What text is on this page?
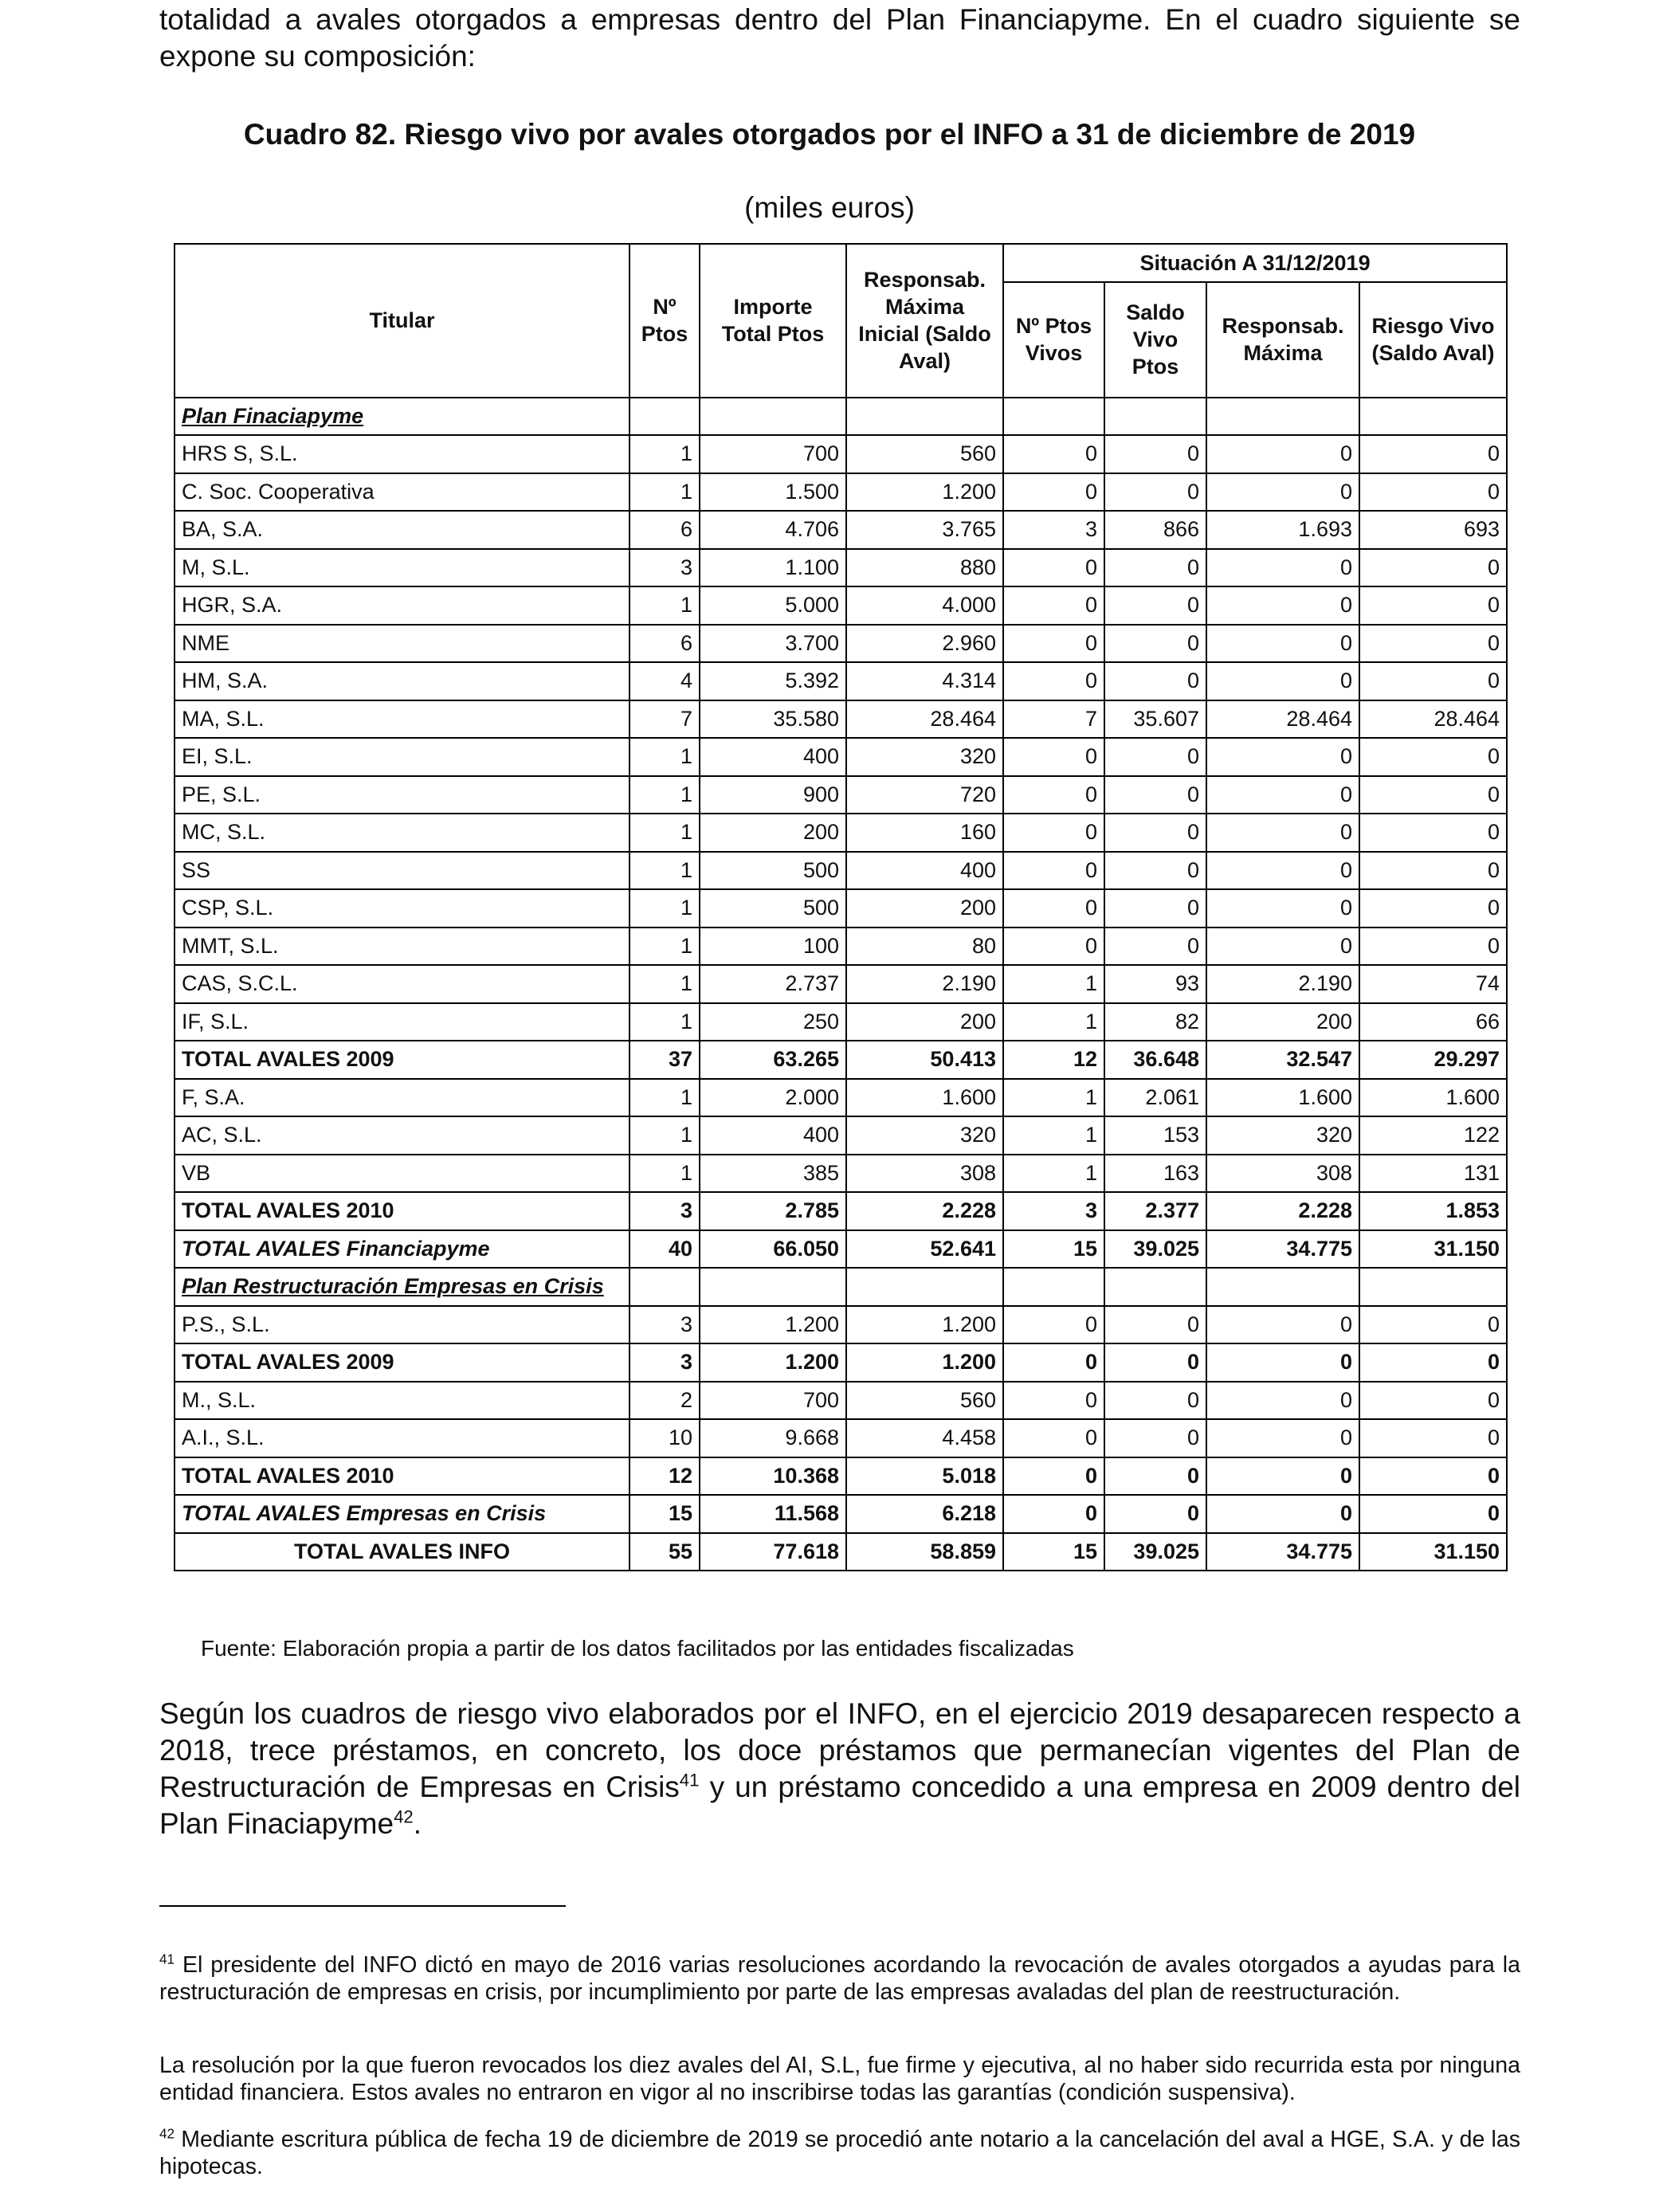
totalidad a avales otorgados a empresas dentro del Plan Financiapyme. En el cuadro siguiente se expone su composición:

Cuadro 82. Riesgo vivo por avales otorgados por el INFO a 31 de diciembre de 2019

(miles euros)

Titular	Nº Ptos	Importe Total Ptos	Responsab. Máxima Inicial (Saldo Aval)	Situación A 31/12/2019			
				Nº Ptos Vivos	Saldo Vivo Ptos	Responsab. Máxima	Riesgo Vivo (Saldo Aval)
Plan Finaciapyme							
HRS S, S.L.	1	700	560	0	0	0	0
C. Soc. Cooperativa	1	1.500	1.200	0	0	0	0
BA, S.A.	6	4.706	3.765	3	866	1.693	693
M, S.L.	3	1.100	880	0	0	0	0
HGR, S.A.	1	5.000	4.000	0	0	0	0
NME	6	3.700	2.960	0	0	0	0
HM, S.A.	4	5.392	4.314	0	0	0	0
MA, S.L.	7	35.580	28.464	7	35.607	28.464	28.464
EI, S.L.	1	400	320	0	0	0	0
PE, S.L.	1	900	720	0	0	0	0
MC, S.L.	1	200	160	0	0	0	0
SS	1	500	400	0	0	0	0
CSP, S.L.	1	500	200	0	0	0	0
MMT, S.L.	1	100	80	0	0	0	0
CAS, S.C.L.	1	2.737	2.190	1	93	2.190	74
IF, S.L.	1	250	200	1	82	200	66
TOTAL AVALES 2009	37	63.265	50.413	12	36.648	32.547	29.297
F, S.A.	1	2.000	1.600	1	2.061	1.600	1.600
AC, S.L.	1	400	320	1	153	320	122
VB	1	385	308	1	163	308	131
TOTAL AVALES 2010	3	2.785	2.228	3	2.377	2.228	1.853
TOTAL AVALES Financiapyme	40	66.050	52.641	15	39.025	34.775	31.150
Plan Restructuración Empresas en Crisis							
P.S., S.L.	3	1.200	1.200	0	0	0	0
TOTAL AVALES 2009	3	1.200	1.200	0	0	0	0
M., S.L.	2	700	560	0	0	0	0
A.I., S.L.	10	9.668	4.458	0	0	0	0
TOTAL AVALES 2010	12	10.368	5.018	0	0	0	0
TOTAL AVALES Empresas en Crisis	15	11.568	6.218	0	0	0	0
TOTAL AVALES INFO	55	77.618	58.859	15	39.025	34.775	31.150

Fuente: Elaboración propia a partir de los datos facilitados por las entidades fiscalizadas

Según los cuadros de riesgo vivo elaborados por el INFO, en el ejercicio 2019 desaparecen respecto a 2018, trece préstamos, en concreto, los doce préstamos que permanecían vigentes del Plan de Restructuración de Empresas en Crisis$^{41}$ y un préstamo concedido a una empresa en 2009 dentro del Plan Finaciapyme$^{42}$.

$^{41}$ El presidente del INFO dictó en mayo de 2016 varias resoluciones acordando la revocación de avales otorgados a ayudas para la restructuración de empresas en crisis, por incumplimiento por parte de las empresas avaladas del plan de reestructuración.

La resolución por la que fueron revocados los diez avales del AI, S.L, fue firme y ejecutiva, al no haber sido recurrida esta por ninguna entidad financiera. Estos avales no entraron en vigor al no inscribirse todas las garantías (condición suspensiva).

$^{42}$ Mediante escritura pública de fecha 19 de diciembre de 2019 se procedió ante notario a la cancelación del aval a HGE, S.A. y de las hipotecas.
